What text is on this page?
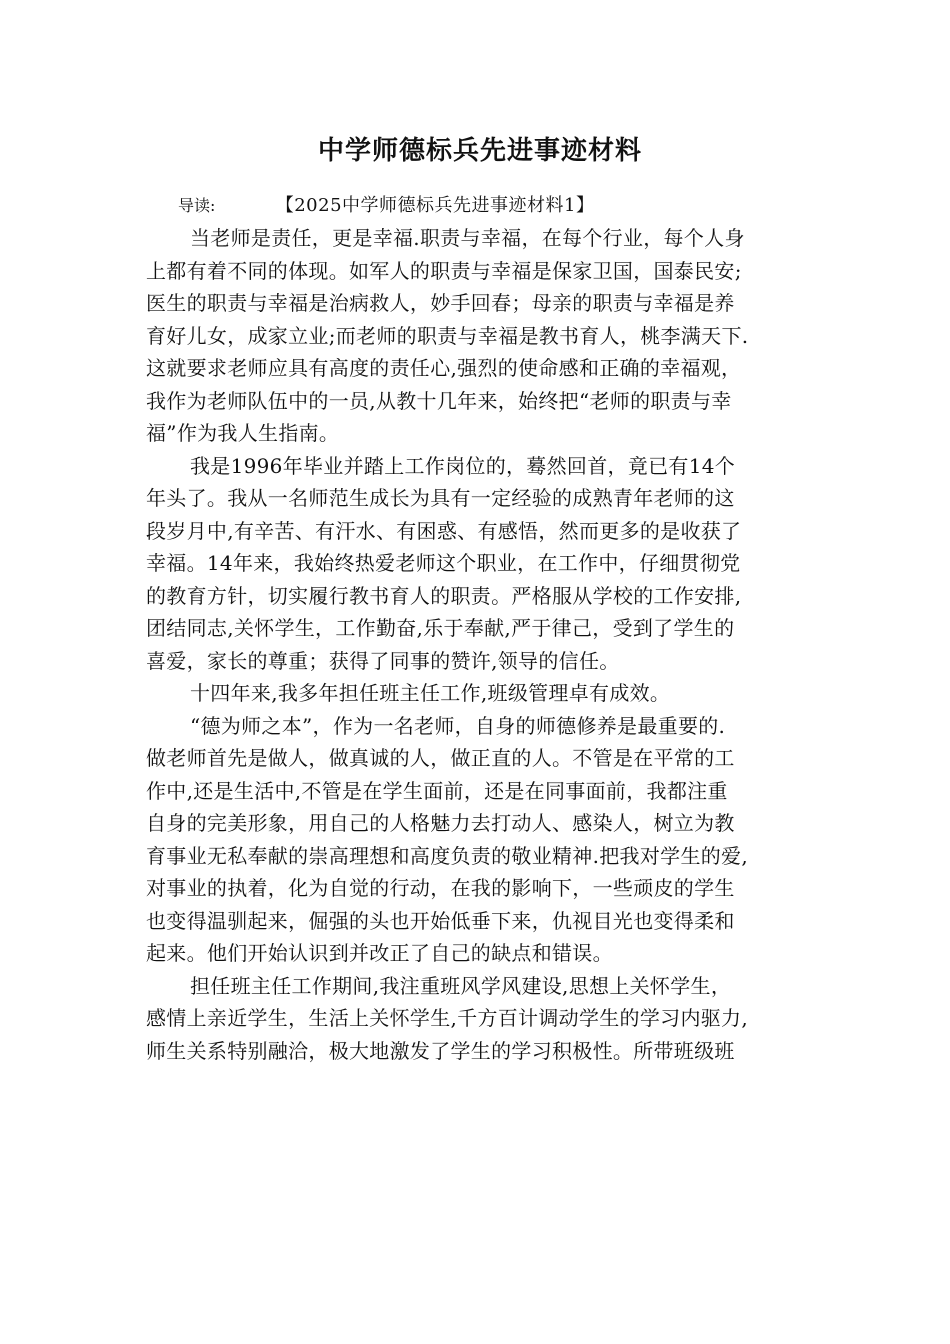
中学师德标兵先进事迹材料
导读:	【2025中学师德标兵先进事迹材料1】

当老师是责任，更是幸福.职责与幸福，在每个行业，每个人身
上都有着不同的体现。如军人的职责与幸福是保家卫国，国泰民安;
医生的职责与幸福是治病救人，妙手回春；母亲的职责与幸福是养
育好儿女，成家立业;而老师的职责与幸福是教书育人，桃李满天下.
这就要求老师应具有高度的责任心,强烈的使命感和正确的幸福观，
我作为老师队伍中的一员,从教十几年来，始终把“老师的职责与幸
福”作为我人生指南。

我是1996年毕业并踏上工作岗位的，蓦然回首，竟已有14个
年头了。我从一名师范生成长为具有一定经验的成熟青年老师的这
段岁月中,有辛苦、有汗水、有困惑、有感悟，然而更多的是收获了
幸福。14年来，我始终热爱老师这个职业，在工作中，仔细贯彻党
的教育方针，切实履行教书育人的职责。严格服从学校的工作安排,
团结同志,关怀学生，工作勤奋,乐于奉献,严于律己，受到了学生的
喜爱，家长的尊重；获得了同事的赞许,领导的信任。

十四年来,我多年担任班主任工作,班级管理卓有成效。

“德为师之本”，作为一名老师，自身的师德修养是最重要的.
做老师首先是做人，做真诚的人，做正直的人。不管是在平常的工
作中,还是生活中,不管是在学生面前，还是在同事面前，我都注重
自身的完美形象，用自己的人格魅力去打动人、感染人，树立为教
育事业无私奉献的崇高理想和高度负责的敬业精神.把我对学生的爱,
对事业的执着，化为自觉的行动，在我的影响下，一些顽皮的学生
也变得温驯起来，倔强的头也开始低垂下来，仇视目光也变得柔和
起来。他们开始认识到并改正了自己的缺点和错误。

担任班主任工作期间,我注重班风学风建设,思想上关怀学生，
感情上亲近学生，生活上关怀学生,千方百计调动学生的学习内驱力,
师生关系特别融洽，极大地激发了学生的学习积极性。所带班级班
